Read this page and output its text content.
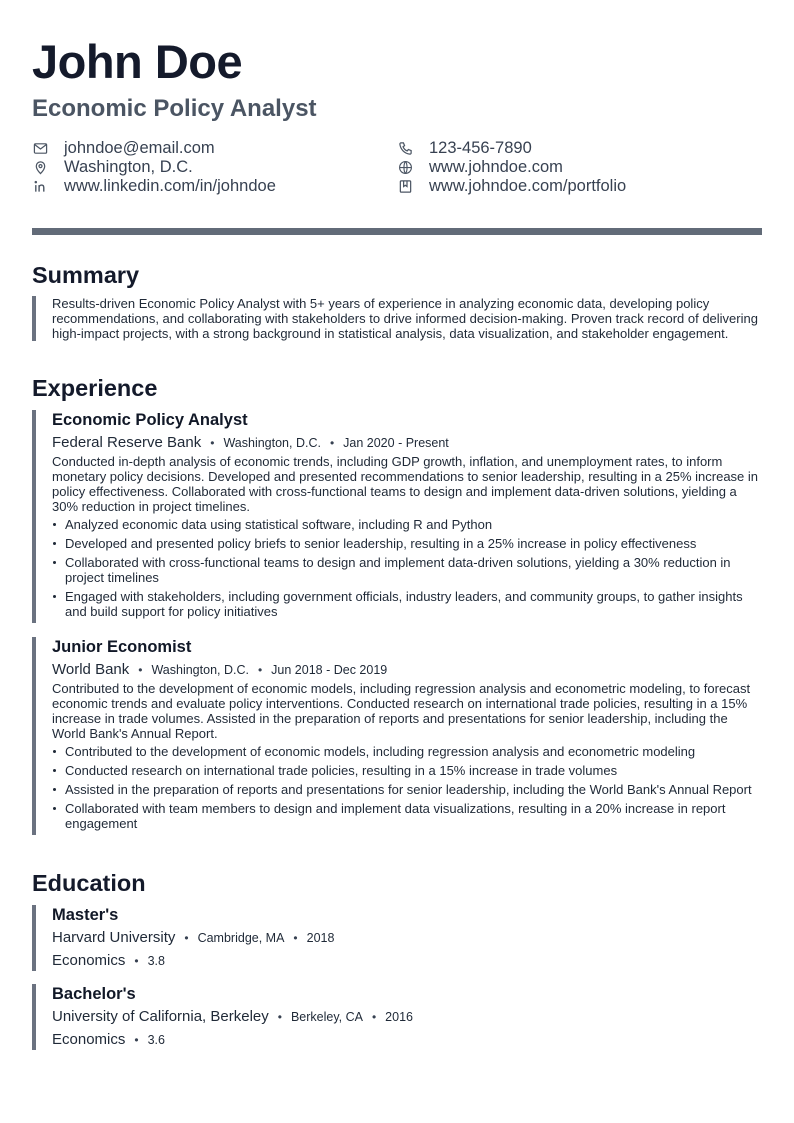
John Doe
Economic Policy Analyst
johndoe@email.com
Washington, D.C.
www.linkedin.com/in/johndoe
123-456-7890
www.johndoe.com
www.johndoe.com/portfolio
Summary

Results-driven Economic Policy Analyst with 5+ years of experience in analyzing economic data, developing policy recommendations, and collaborating with stakeholders to drive informed decision-making. Proven track record of delivering high-impact projects, with a strong background in statistical analysis, data visualization, and stakeholder engagement.

Experience

Economic Policy Analyst

Federal Reserve Bank • Washington, D.C. • Jan 2020 - Present

Conducted in-depth analysis of economic trends, including GDP growth, inflation, and unemployment rates, to inform monetary policy decisions. Developed and presented recommendations to senior leadership, resulting in a 25% increase in policy effectiveness. Collaborated with cross-functional teams to design and implement data-driven solutions, yielding a 30% reduction in project timelines.

Analyzed economic data using statistical software, including R and Python
Developed and presented policy briefs to senior leadership, resulting in a 25% increase in policy effectiveness
Collaborated with cross-functional teams to design and implement data-driven solutions, yielding a 30% reduction in project timelines
Engaged with stakeholders, including government officials, industry leaders, and community groups, to gather insights and build support for policy initiatives

Junior Economist

World Bank • Washington, D.C. • Jun 2018 - Dec 2019

Contributed to the development of economic models, including regression analysis and econometric modeling, to forecast economic trends and evaluate policy interventions. Conducted research on international trade policies, resulting in a 15% increase in trade volumes. Assisted in the preparation of reports and presentations for senior leadership, including the World Bank's Annual Report.

Contributed to the development of economic models, including regression analysis and econometric modeling
Conducted research on international trade policies, resulting in a 15% increase in trade volumes
Assisted in the preparation of reports and presentations for senior leadership, including the World Bank's Annual Report
Collaborated with team members to design and implement data visualizations, resulting in a 20% increase in report engagement
Education

Master's

Harvard University • Cambridge, MA • 2018
Economics • 3.8

Bachelor's

University of California, Berkeley • Berkeley, CA • 2016
Economics • 3.6
